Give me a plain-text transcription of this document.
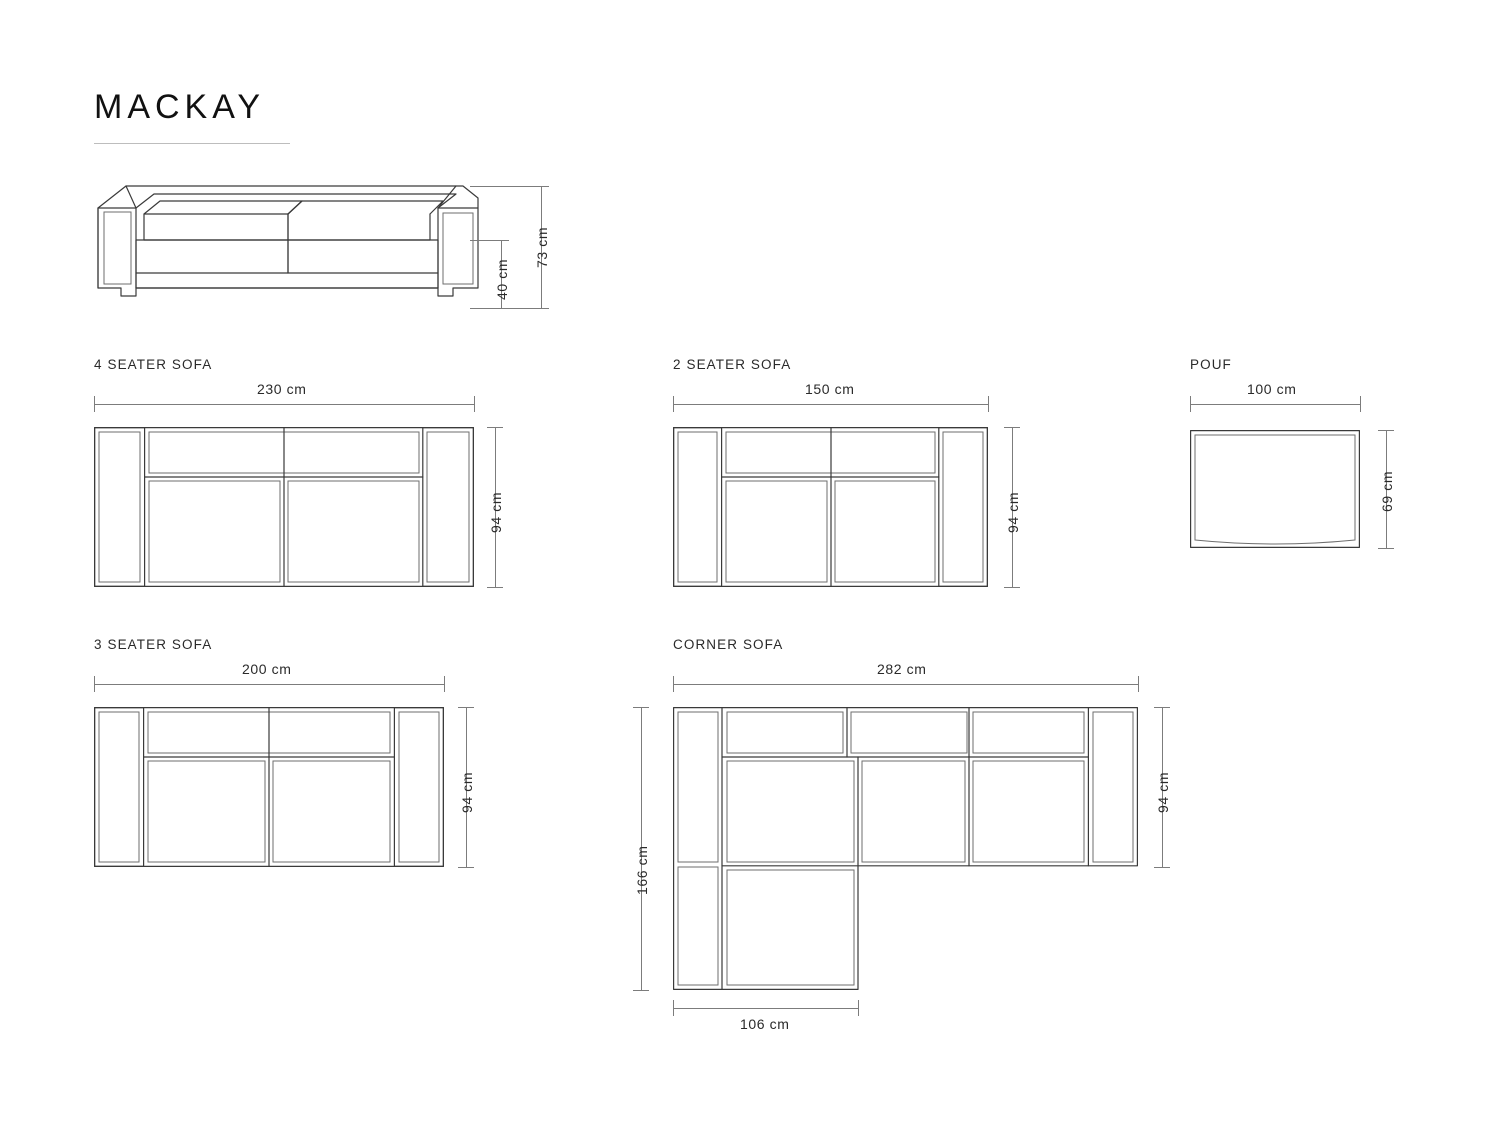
MACKAY
73 cm
40 cm
4 SEATER SOFA
230 cm
94 cm
2 SEATER SOFA
150 cm
94 cm
POUF
100 cm
69 cm
3 SEATER SOFA
200 cm
94 cm
CORNER SOFA
282 cm
94 cm
166 cm
106 cm
